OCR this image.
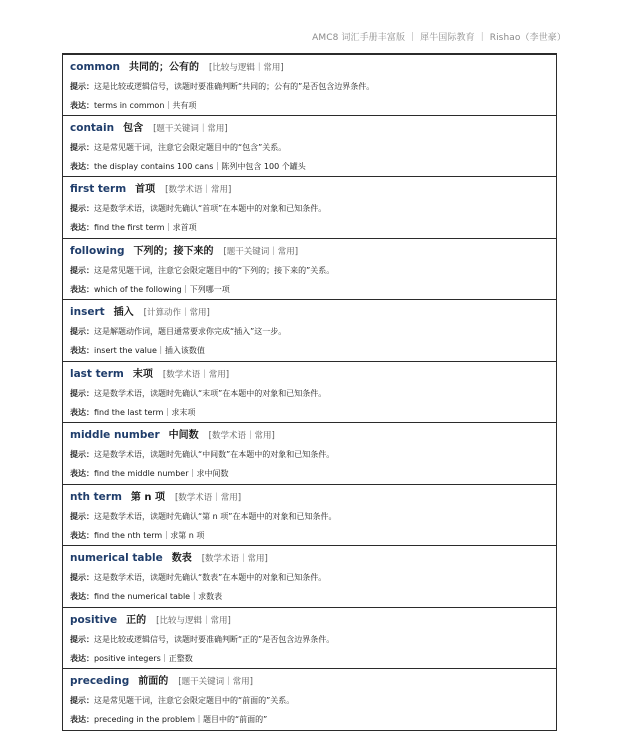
AMC8 词汇手册丰富版 ｜ 犀牛国际教育 ｜ Rishao（李世豪）
common 共同的；公有的 [比较与逻辑｜常用]
提示：这是比较或逻辑信号，读题时要准确判断“共同的；公有的”是否包含边界条件。
表达：terms in common｜共有项
contain 包含 [题干关键词｜常用]
提示：这是常见题干词，注意它会限定题目中的“包含”关系。
表达：the display contains 100 cans｜陈列中包含 100 个罐头
first term 首项 [数学术语｜常用]
提示：这是数学术语，读题时先确认“首项”在本题中的对象和已知条件。
表达：find the first term｜求首项
following 下列的；接下来的 [题干关键词｜常用]
提示：这是常见题干词，注意它会限定题目中的“下列的；接下来的”关系。
表达：which of the following｜下列哪一项
insert 插入 [计算动作｜常用]
提示：这是解题动作词，题目通常要求你完成“插入”这一步。
表达：insert the value｜插入该数值
last term 末项 [数学术语｜常用]
提示：这是数学术语，读题时先确认“末项”在本题中的对象和已知条件。
表达：find the last term｜求末项
middle number 中间数 [数学术语｜常用]
提示：这是数学术语，读题时先确认“中间数”在本题中的对象和已知条件。
表达：find the middle number｜求中间数
nth term 第 n 项 [数学术语｜常用]
提示：这是数学术语，读题时先确认“第 n 项”在本题中的对象和已知条件。
表达：find the nth term｜求第 n 项
numerical table 数表 [数学术语｜常用]
提示：这是数学术语，读题时先确认“数表”在本题中的对象和已知条件。
表达：find the numerical table｜求数表
positive 正的 [比较与逻辑｜常用]
提示：这是比较或逻辑信号，读题时要准确判断“正的”是否包含边界条件。
表达：positive integers｜正整数
preceding 前面的 [题干关键词｜常用]
提示：这是常见题干词，注意它会限定题目中的“前面的”关系。
表达：preceding in the problem｜题目中的“前面的”
